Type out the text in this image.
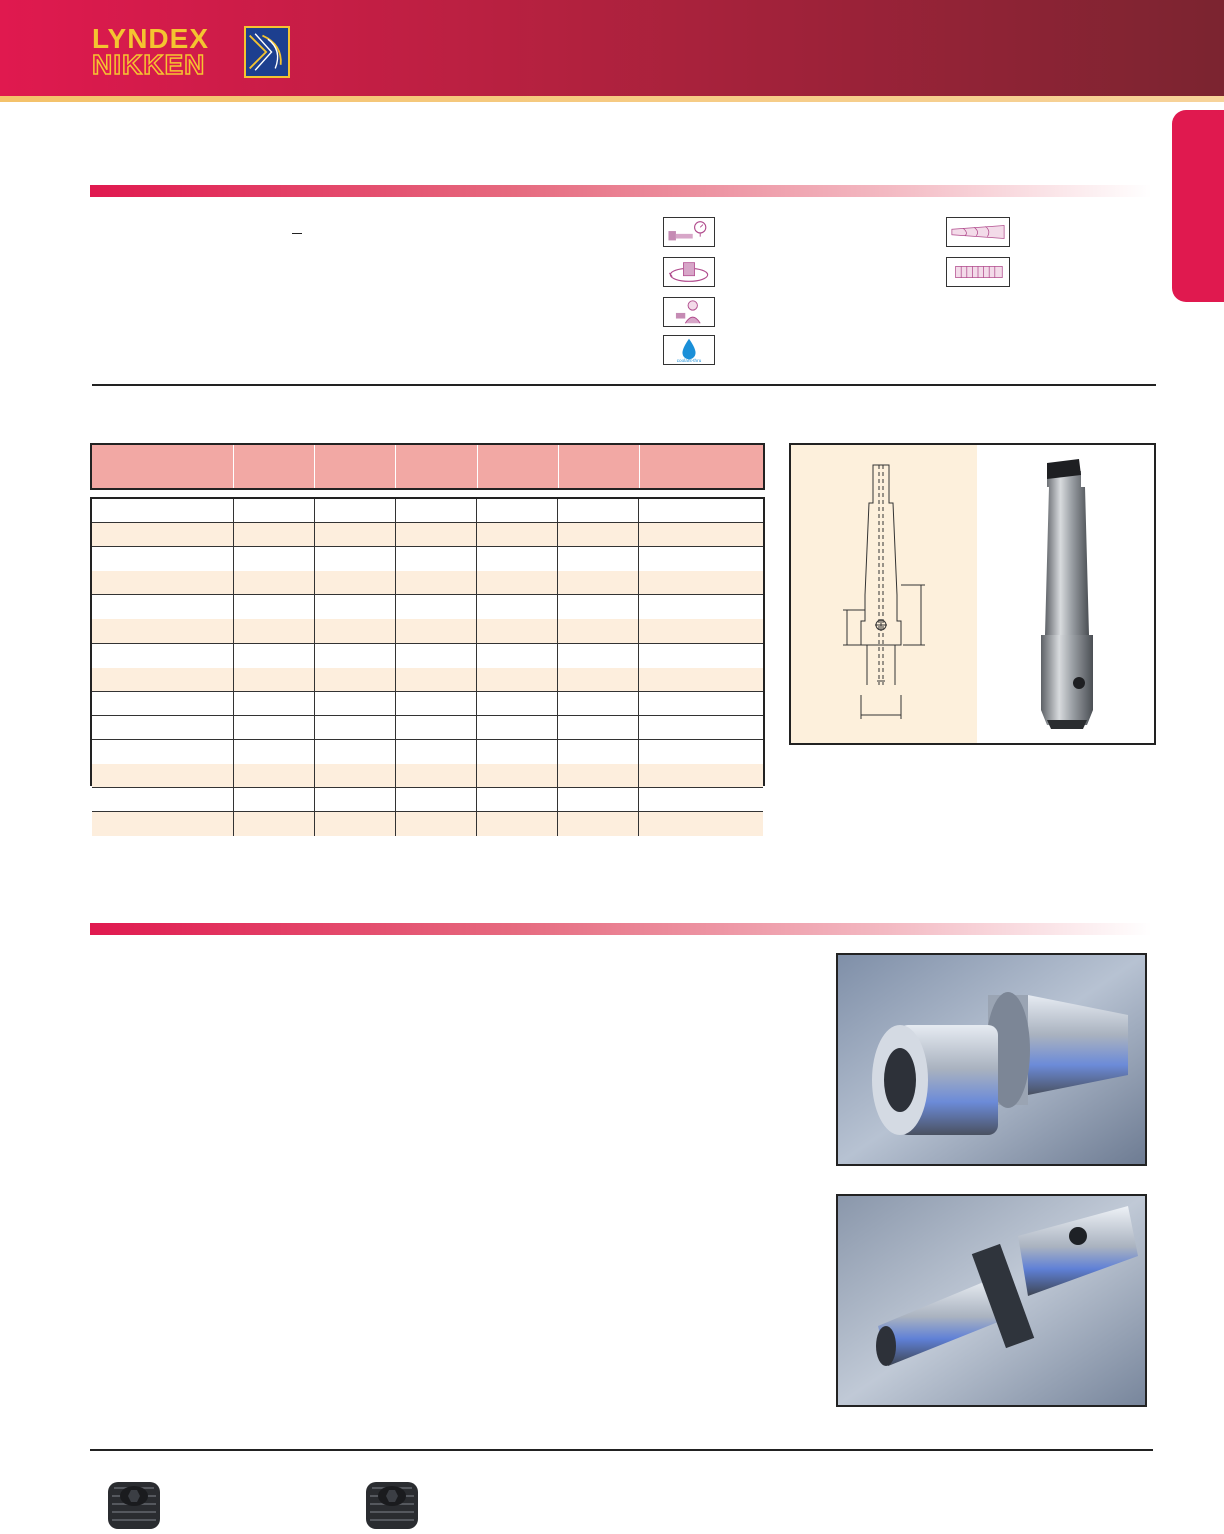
LYNDEX
NIKKEN
coolant-thru
